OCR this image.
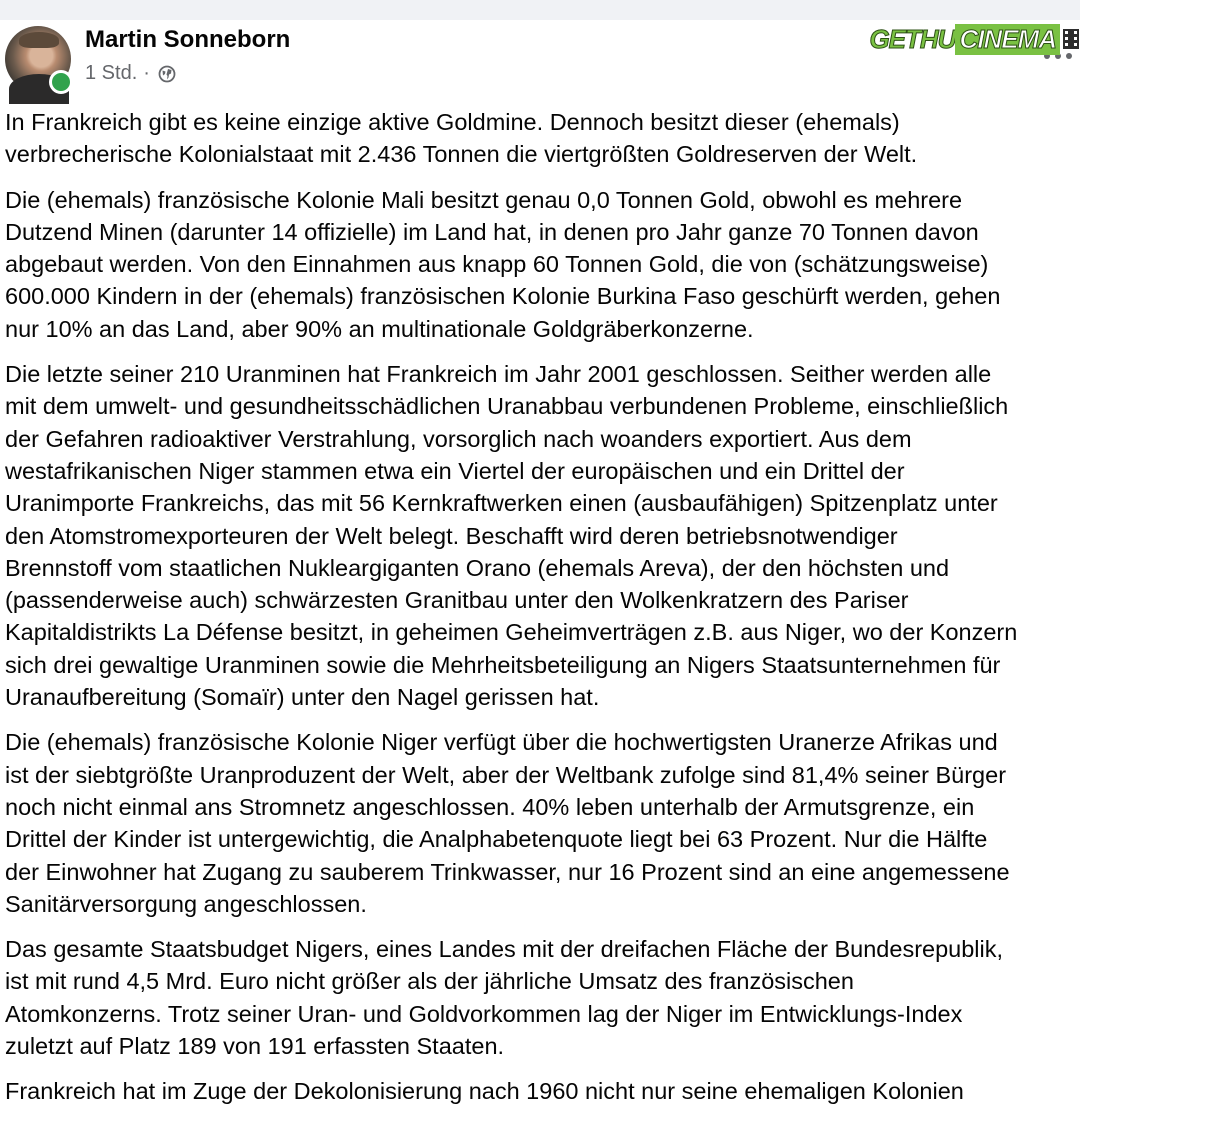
Martin Sonneborn
1 Std. ·
GETHU CINEMA

In Frankreich gibt es keine einzige aktive Goldmine. Dennoch besitzt dieser (ehemals)
verbrecherische Kolonialstaat mit 2.436 Tonnen die viertgrößten Goldreserven der Welt.

Die (ehemals) französische Kolonie Mali besitzt genau 0,0 Tonnen Gold, obwohl es mehrere
Dutzend Minen (darunter 14 offizielle) im Land hat, in denen pro Jahr ganze 70 Tonnen davon
abgebaut werden. Von den Einnahmen aus knapp 60 Tonnen Gold, die von (schätzungsweise)
600.000 Kindern in der (ehemals) französischen Kolonie Burkina Faso geschürft werden, gehen
nur 10% an das Land, aber 90% an multinationale Goldgräberkonzerne.

Die letzte seiner 210 Uranminen hat Frankreich im Jahr 2001 geschlossen. Seither werden alle
mit dem umwelt- und gesundheitsschädlichen Uranabbau verbundenen Probleme, einschließlich
der Gefahren radioaktiver Verstrahlung, vorsorglich nach woanders exportiert. Aus dem
westafrikanischen Niger stammen etwa ein Viertel der europäischen und ein Drittel der
Uranimporte Frankreichs, das mit 56 Kernkraftwerken einen (ausbaufähigen) Spitzenplatz unter
den Atomstromexporteuren der Welt belegt. Beschafft wird deren betriebsnotwendiger
Brennstoff vom staatlichen Nukleargiganten Orano (ehemals Areva), der den höchsten und
(passenderweise auch) schwärzesten Granitbau unter den Wolkenkratzern des Pariser
Kapitaldistrikts La Défense besitzt, in geheimen Geheimverträgen z.B. aus Niger, wo der Konzern
sich drei gewaltige Uranminen sowie die Mehrheitsbeteiligung an Nigers Staatsunternehmen für
Uranaufbereitung (Somaïr) unter den Nagel gerissen hat.

Die (ehemals) französische Kolonie Niger verfügt über die hochwertigsten Uranerze Afrikas und
ist der siebtgrößte Uranproduzent der Welt, aber der Weltbank zufolge sind 81,4% seiner Bürger
noch nicht einmal ans Stromnetz angeschlossen. 40% leben unterhalb der Armutsgrenze, ein
Drittel der Kinder ist untergewichtig, die Analphabetenquote liegt bei 63 Prozent. Nur die Hälfte
der Einwohner hat Zugang zu sauberem Trinkwasser, nur 16 Prozent sind an eine angemessene
Sanitärversorgung angeschlossen.

Das gesamte Staatsbudget Nigers, eines Landes mit der dreifachen Fläche der Bundesrepublik,
ist mit rund 4,5 Mrd. Euro nicht größer als der jährliche Umsatz des französischen
Atomkonzerns. Trotz seiner Uran- und Goldvorkommen lag der Niger im Entwicklungs-Index
zuletzt auf Platz 189 von 191 erfassten Staaten.

Frankreich hat im Zuge der Dekolonisierung nach 1960 nicht nur seine ehemaligen Kolonien
